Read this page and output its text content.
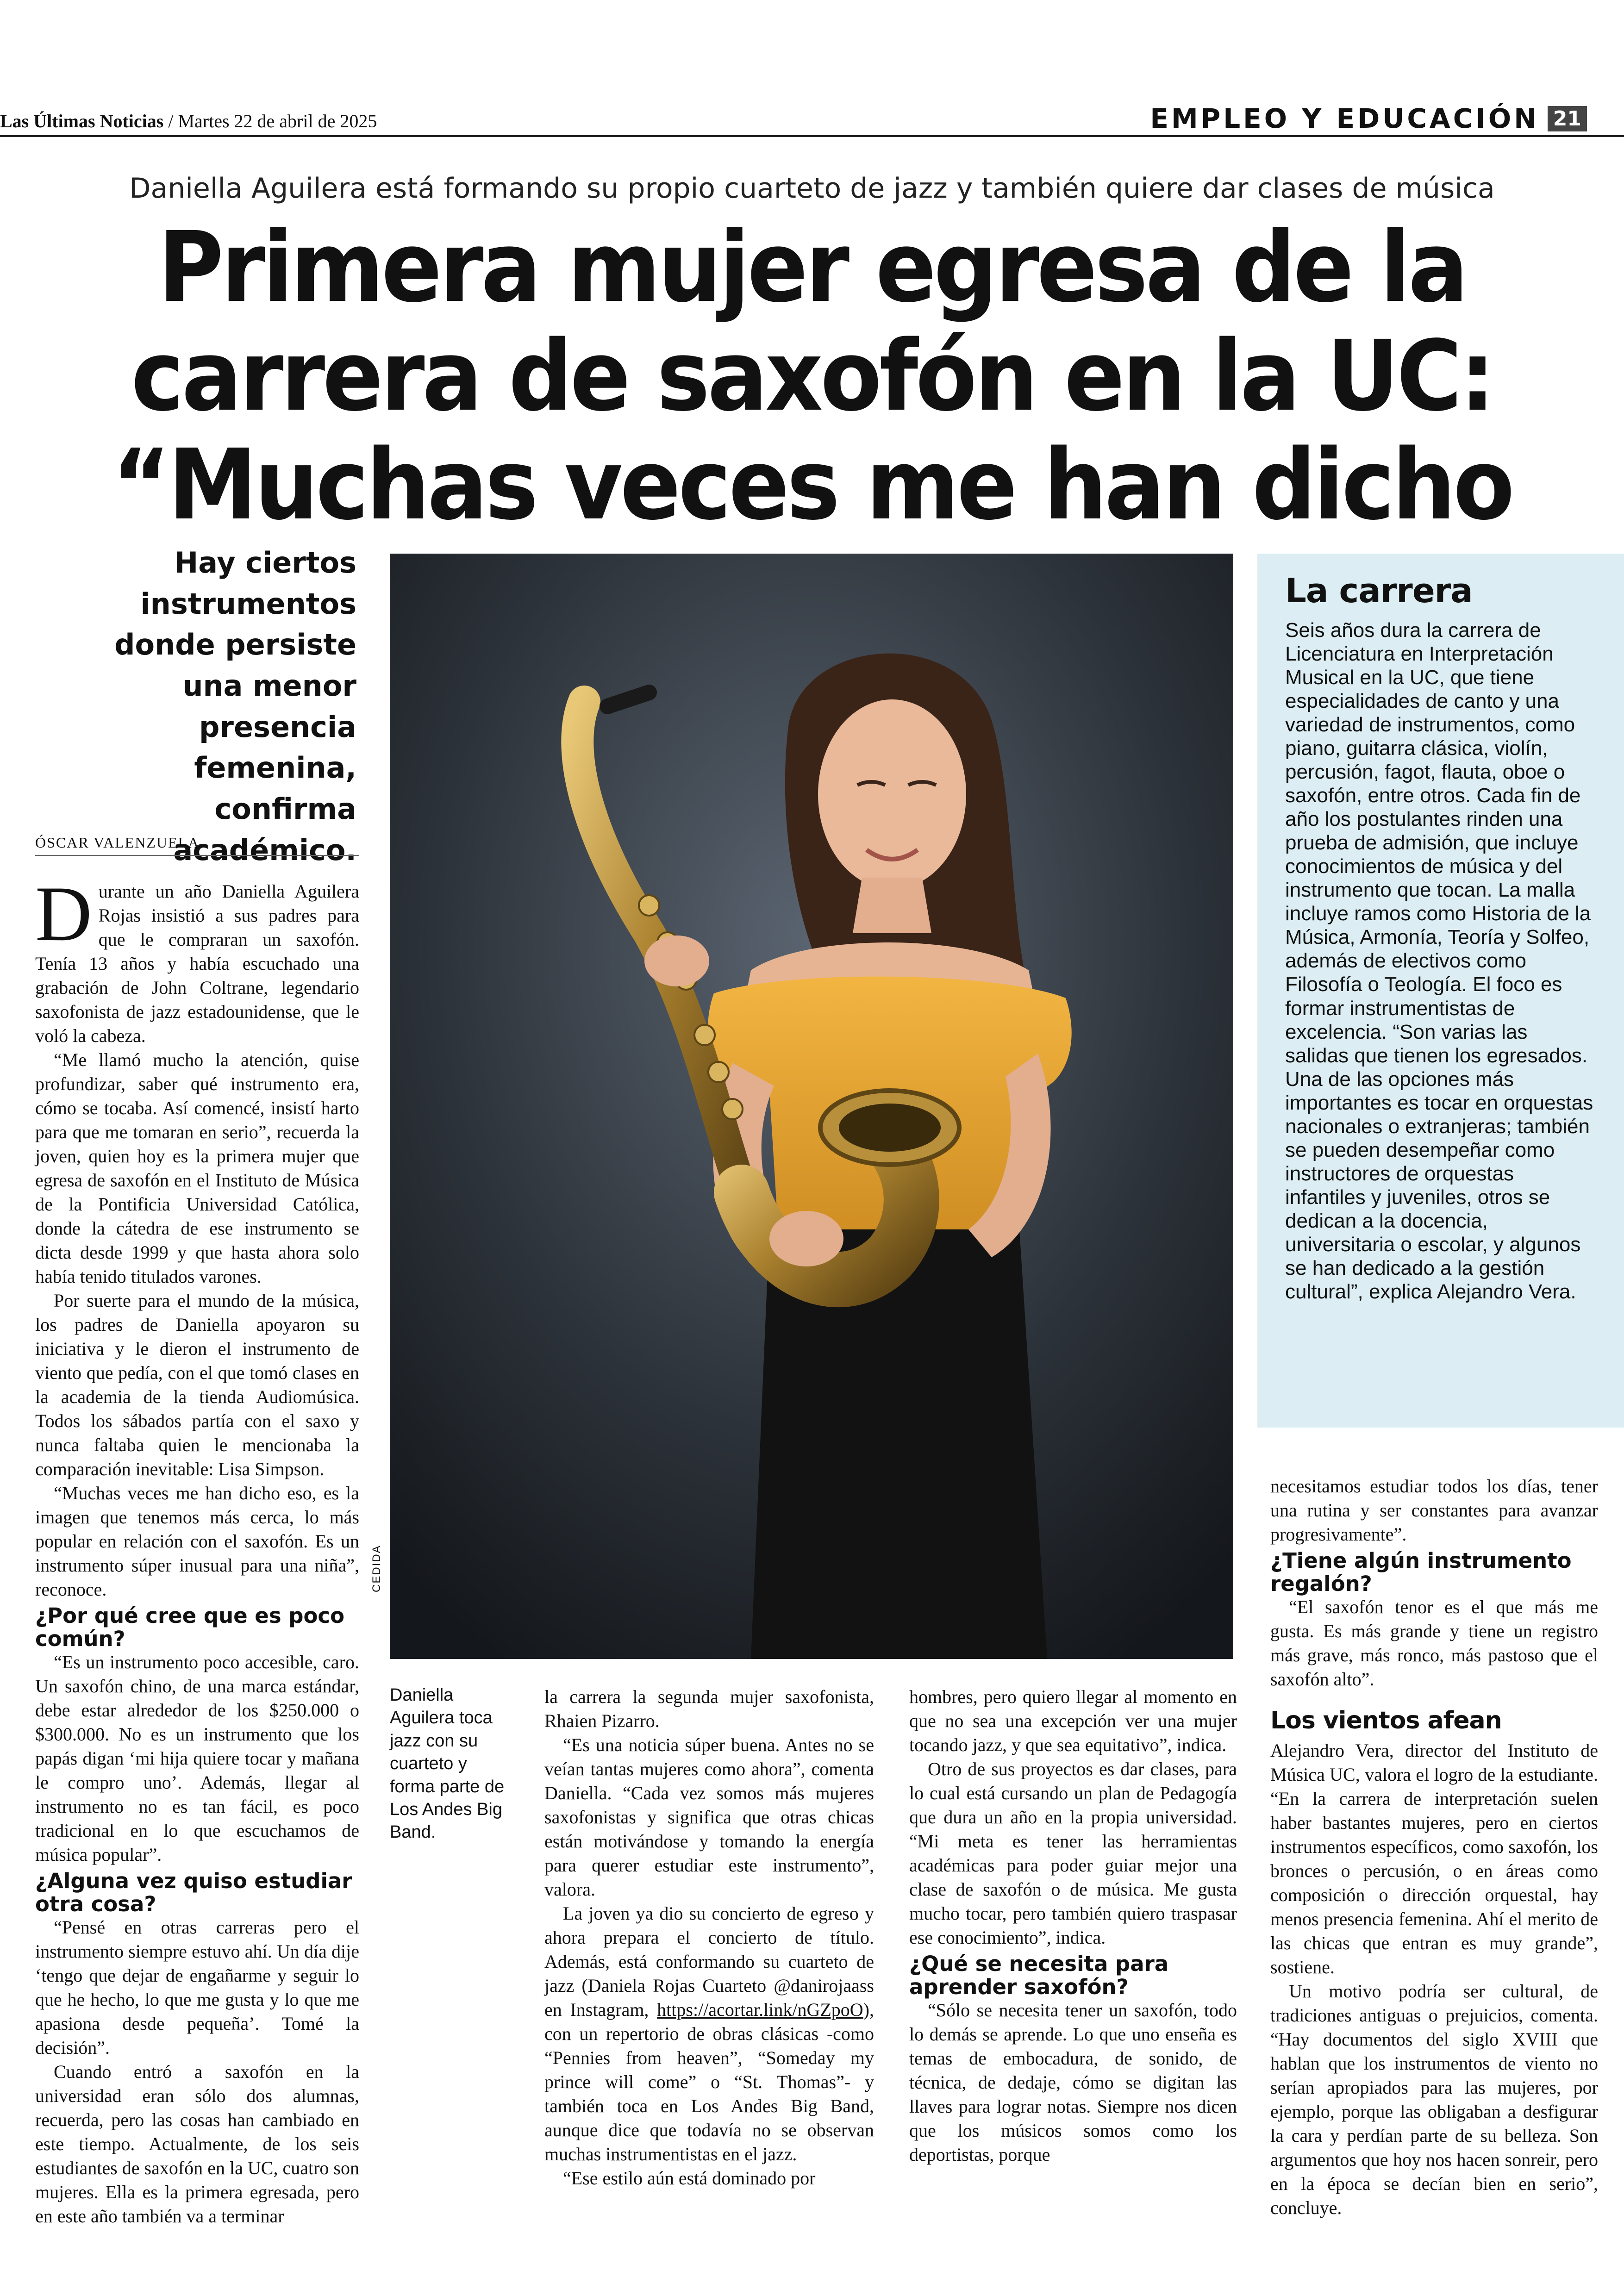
Las Últimas Noticias / Martes 22 de abril de 2025	EMPLEO Y EDUCACIÓN 21
Daniella Aguilera está formando su propio cuarteto de jazz y también quiere dar clases de música
Primera mujer egresa de la carrera de saxofón en la UC: “Muchas veces me han dicho
Hay ciertos instrumentos donde persiste una menor presencia femenina, confirma académico.
ÓSCAR VALENZUELA

Durante un año Daniella Aguilera Rojas insistió a sus padres para que le compraran un saxofón. Tenía 13 años y había escuchado una grabación de John Coltrane, legendario saxofonista de jazz estadounidense, que le voló la cabeza.

“Me llamó mucho la atención, quise profundizar, saber qué instrumento era, cómo se tocaba. Así comencé, insistí harto para que me tomaran en serio”, recuerda la joven, quien hoy es la primera mujer que egresa de saxofón en el Instituto de Música de la Pontificia Universidad Católica, donde la cátedra de ese instrumento se dicta desde 1999 y que hasta ahora solo había tenido titulados varones.

Por suerte para el mundo de la música, los padres de Daniella apoyaron su iniciativa y le dieron el instrumento de viento que pedía, con el que tomó clases en la academia de la tienda Audiomúsica. Todos los sábados partía con el saxo y nunca faltaba quien le mencionaba la comparación inevitable: Lisa Simpson.

“Muchas veces me han dicho eso, es la imagen que tenemos más cerca, lo más popular en relación con el saxofón. Es un instrumento súper inusual para una niña”, reconoce.

¿Por qué cree que es poco común?

“Es un instrumento poco accesible, caro. Un saxofón chino, de una marca estándar, debe estar alrededor de los $250.000 o $300.000. No es un instrumento que los papás digan ‘mi hija quiere tocar y mañana le compro uno’. Además, llegar al instrumento no es tan fácil, es poco tradicional en lo que escuchamos de música popular”.

¿Alguna vez quiso estudiar otra cosa?

“Pensé en otras carreras pero el instrumento siempre estuvo ahí. Un día dije ‘tengo que dejar de engañarme y seguir lo que he hecho, lo que me gusta y lo que me apasiona desde pequeña’. Tomé la decisión”.

Cuando entró a saxofón en la universidad eran sólo dos alumnas, recuerda, pero las cosas han cambiado en este tiempo. Actualmente, de los seis estudiantes de saxofón en la UC, cuatro son mujeres. Ella es la primera egresada, pero en este año también va a terminar

CEDIDA
Daniella Aguilera toca jazz con su cuarteto y forma parte de Los Andes Big Band.

la carrera la segunda mujer saxofonista, Rhaien Pizarro.

“Es una noticia súper buena. Antes no se veían tantas mujeres como ahora”, comenta Daniella. “Cada vez somos más mujeres saxofonistas y significa que otras chicas están motivándose y tomando la energía para querer estudiar este instrumento”, valora.

La joven ya dio su concierto de egreso y ahora prepara el concierto de título. Además, está conformando su cuarteto de jazz (Daniela Rojas Cuarteto @danirojaass en Instagram, https://acortar.link/nGZpoO), con un repertorio de obras clásicas -como “Pennies from heaven”, “Someday my prince will come” o “St. Thomas”- y también toca en Los Andes Big Band, aunque dice que todavía no se observan muchas instrumentistas en el jazz.

“Ese estilo aún está dominado por

hombres, pero quiero llegar al momento en que no sea una excepción ver una mujer tocando jazz, y que sea equitativo”, indica.

Otro de sus proyectos es dar clases, para lo cual está cursando un plan de Pedagogía que dura un año en la propia universidad. “Mi meta es tener las herramientas académicas para poder guiar mejor una clase de saxofón o de música. Me gusta mucho tocar, pero también quiero traspasar ese conocimiento”, indica.

¿Qué se necesita para aprender saxofón?

“Sólo se necesita tener un saxofón, todo lo demás se aprende. Lo que uno enseña es temas de embocadura, de sonido, de técnica, de dedaje, cómo se digitan las llaves para lograr notas. Siempre nos dicen que los músicos somos como los deportistas, porque

La carrera

Seis años dura la carrera de Licenciatura en Interpretación Musical en la UC, que tiene especialidades de canto y una variedad de instrumentos, como piano, guitarra clásica, violín, percusión, fagot, flauta, oboe o saxofón, entre otros. Cada fin de año los postulantes rinden una prueba de admisión, que incluye conocimientos de música y del instrumento que tocan. La malla incluye ramos como Historia de la Música, Armonía, Teoría y Solfeo, además de electivos como Filosofía o Teología. El foco es formar instrumentistas de excelencia. “Son varias las salidas que tienen los egresados. Una de las opciones más importantes es tocar en orquestas nacionales o extranjeras; también se pueden desempeñar como instructores de orquestas infantiles y juveniles, otros se dedican a la docencia, universitaria o escolar, y algunos se han dedicado a la gestión cultural”, explica Alejandro Vera.

necesitamos estudiar todos los días, tener una rutina y ser constantes para avanzar progresivamente”.

¿Tiene algún instrumento regalón?

“El saxofón tenor es el que más me gusta. Es más grande y tiene un registro más grave, más ronco, más pastoso que el saxofón alto”.

Los vientos afean

Alejandro Vera, director del Instituto de Música UC, valora el logro de la estudiante. “En la carrera de interpretación suelen haber bastantes mujeres, pero en ciertos instrumentos específicos, como saxofón, los bronces o percusión, o en áreas como composición o dirección orquestal, hay menos presencia femenina. Ahí el merito de las chicas que entran es muy grande”, sostiene.

Un motivo podría ser cultural, de tradiciones antiguas o prejuicios, comenta. “Hay documentos del siglo XVIII que hablan que los instrumentos de viento no serían apropiados para las mujeres, por ejemplo, porque las obligaban a desfigurar la cara y perdían parte de su belleza. Son argumentos que hoy nos hacen sonreir, pero en la época se decían bien en serio”, concluye.
